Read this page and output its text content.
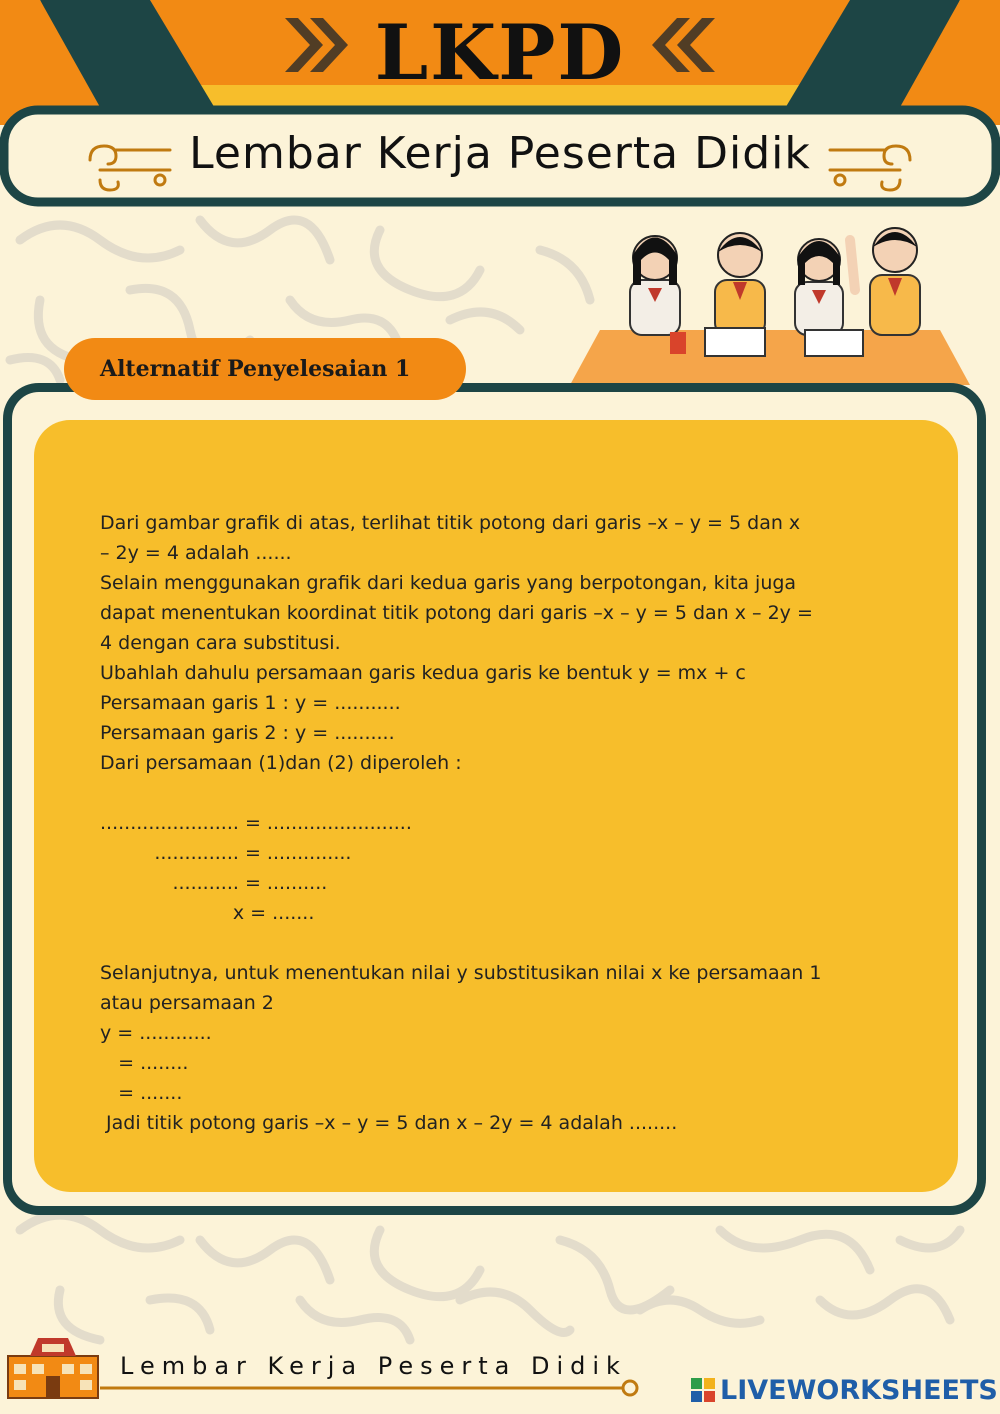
LKPD
Lembar Kerja Peserta Didik
Alternatif Penyelesaian 1
Dari gambar grafik di atas, terlihat titik potong dari garis –x – y = 5 dan x
– 2y = 4 adalah ......
Selain menggunakan grafik dari kedua garis yang berpotongan, kita juga
dapat menentukan koordinat titik potong dari garis –x – y = 5 dan x – 2y =
4 dengan cara substitusi.
Ubahlah dahulu persamaan garis kedua garis ke bentuk y = mx + c
Persamaan garis 1 : y = ...........
Persamaan garis 2 : y = ..........
Dari persamaan (1)dan (2) diperoleh :
....................... = ........................
.............. = ..............
........... = ..........
x = .......
Selanjutnya, untuk menentukan nilai y substitusikan nilai x ke persamaan 1
atau persamaan 2
y = ............
= ........
= .......
Jadi titik potong garis –x – y = 5 dan x – 2y = 4 adalah ........
Lembar Kerja Peserta Didik
LIVEWORKSHEETS
